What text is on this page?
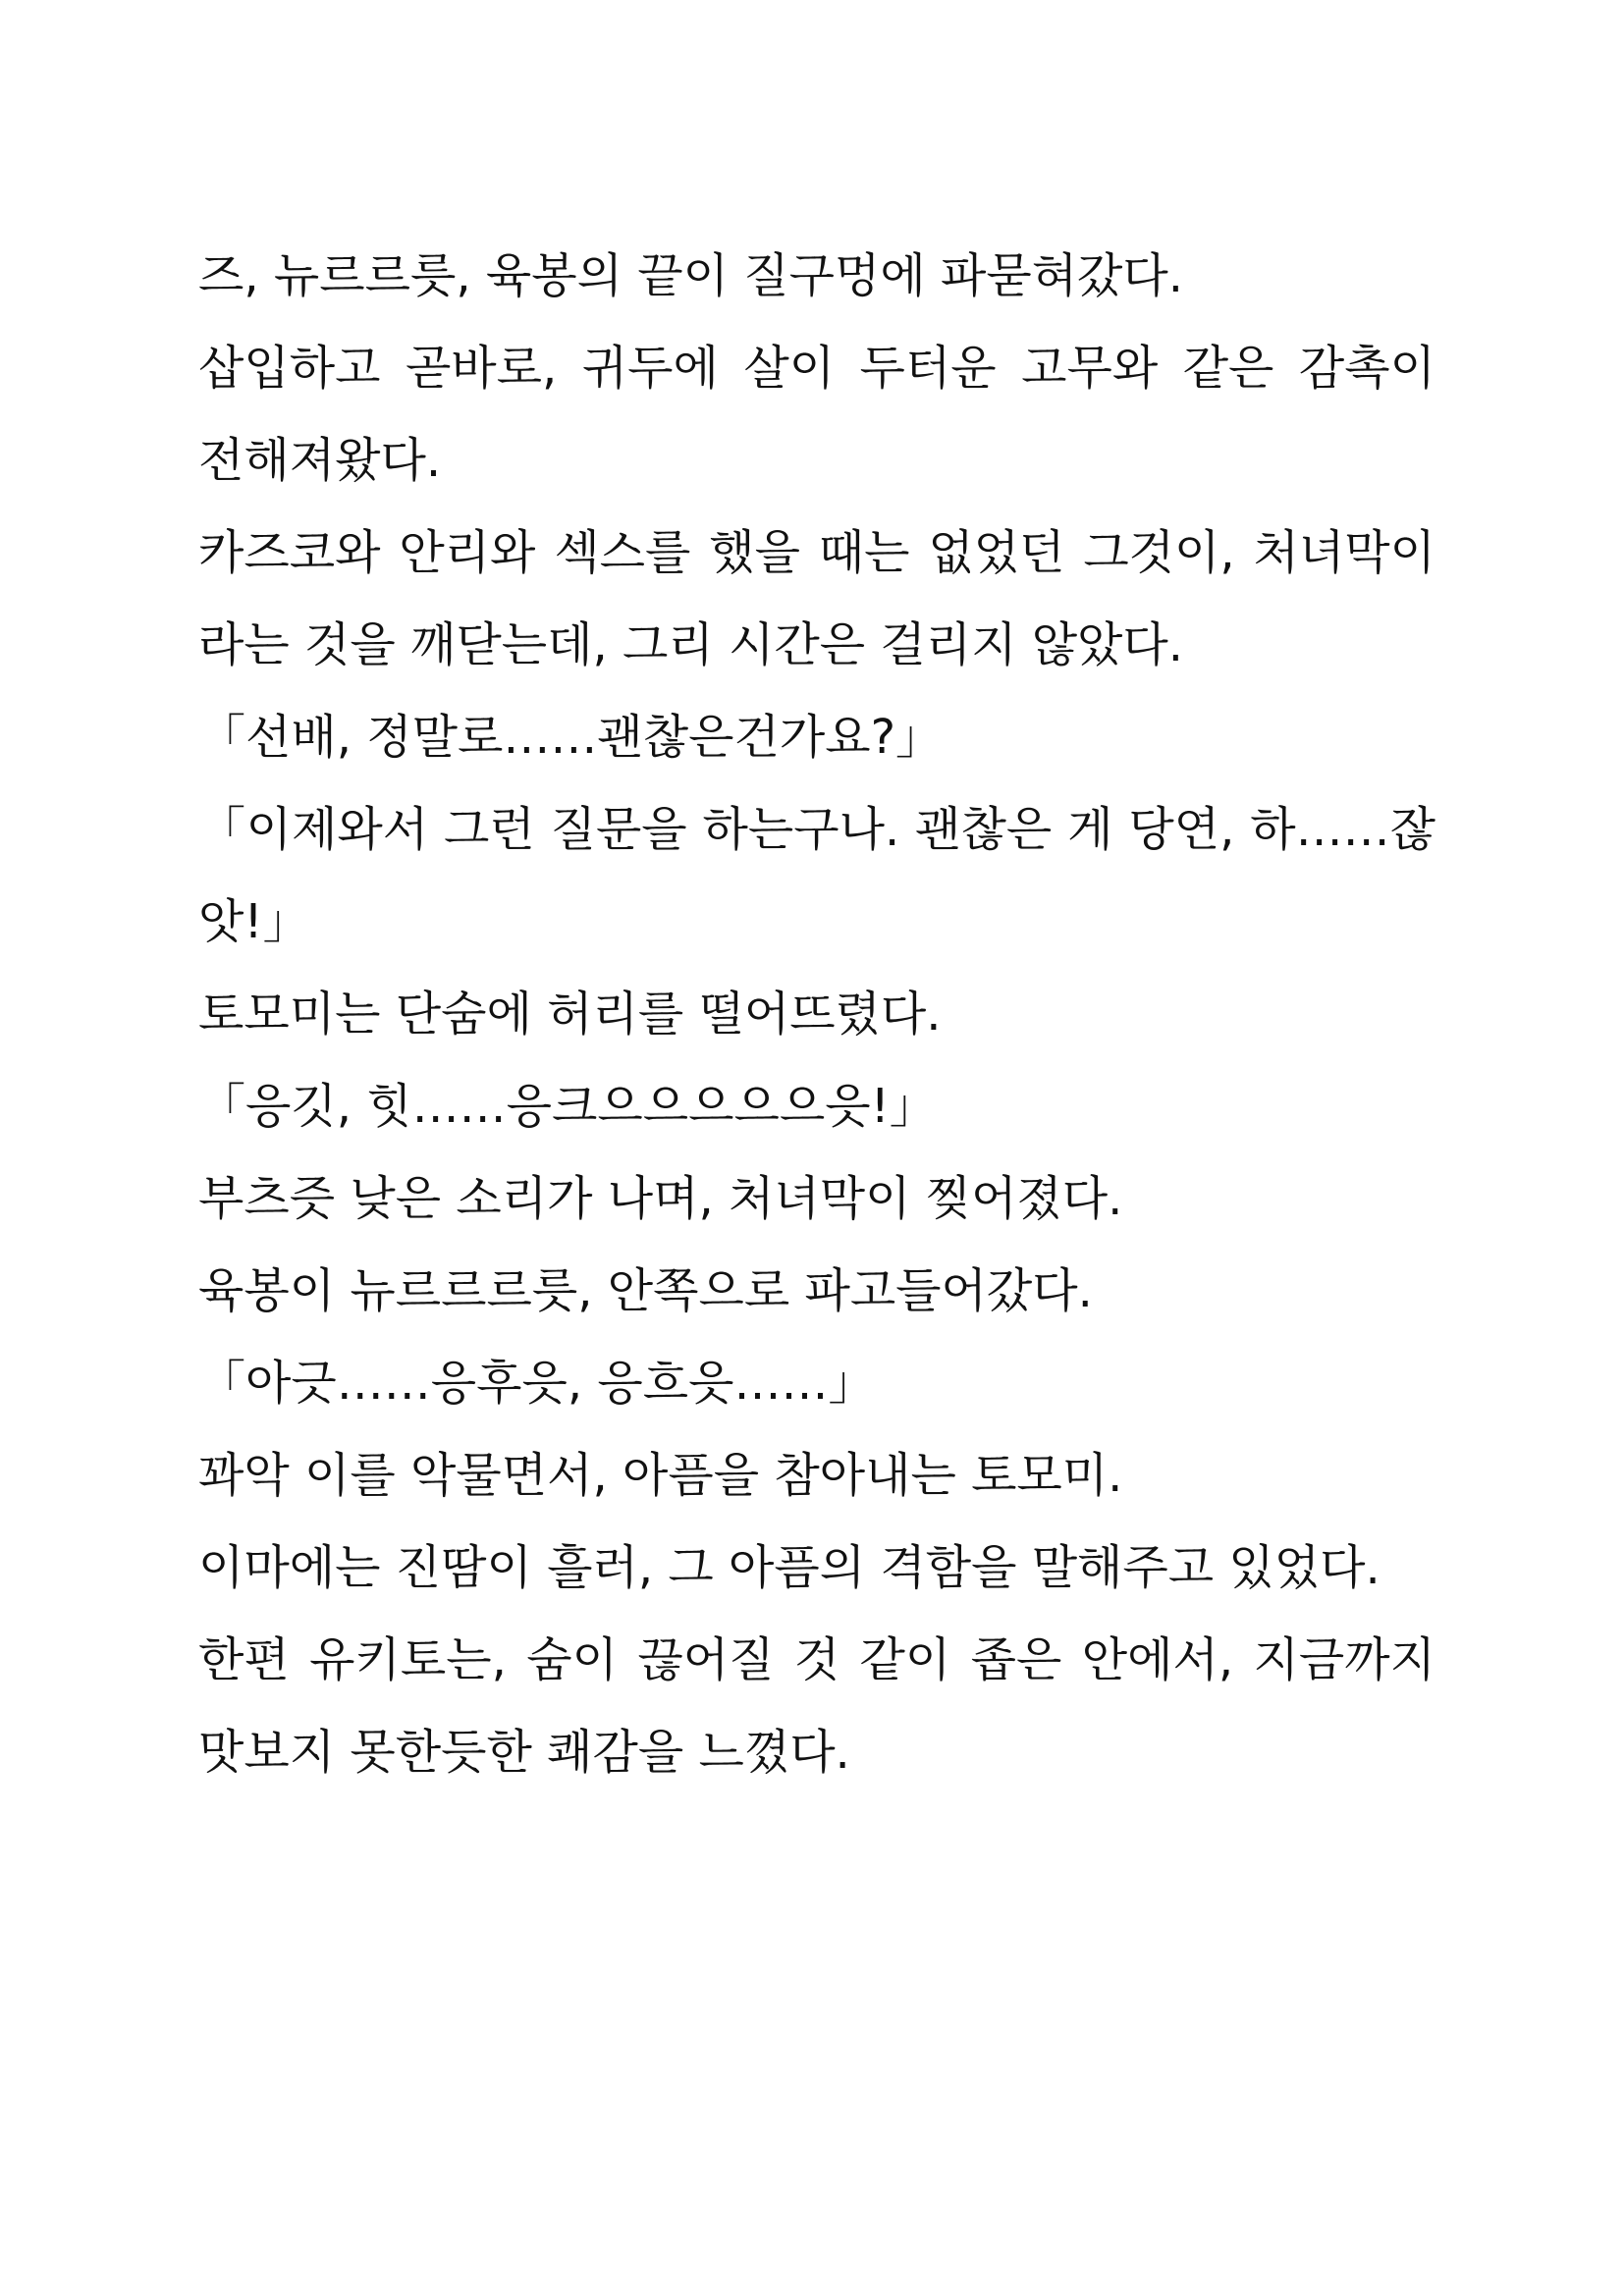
즈, 뉴르르릇, 육봉의 끝이 질구멍에 파묻혀갔다.

삽입하고 곧바로, 귀두에 살이 두터운 고무와 같은 감촉이
전해져왔다.

카즈코와 안리와 섹스를 했을 때는 없었던 그것이, 처녀막이
라는 것을 깨닫는데, 그리 시간은 걸리지 않았다.

「선배, 정말로……괜찮은건가요?」

「이제와서 그런 질문을 하는구나. 괜찮은 게 당연, 하……잖
앗!」

토모미는 단숨에 허리를 떨어뜨렸다.

「응깃, 힛……응크으으으으으읏!」

부츠즛 낮은 소리가 나며, 처녀막이 찢어졌다.

육봉이 뉴르르르릇, 안쪽으로 파고들어갔다.

「아긋……응후읏, 응흐읏……」

꽈악 이를 악물면서, 아픔을 참아내는 토모미.

이마에는 진땀이 흘러, 그 아픔의 격함을 말해주고 있었다.

한편 유키토는, 숨이 끊어질 것 같이 좁은 안에서, 지금까지
맛보지 못한듯한 쾌감을 느꼈다.
